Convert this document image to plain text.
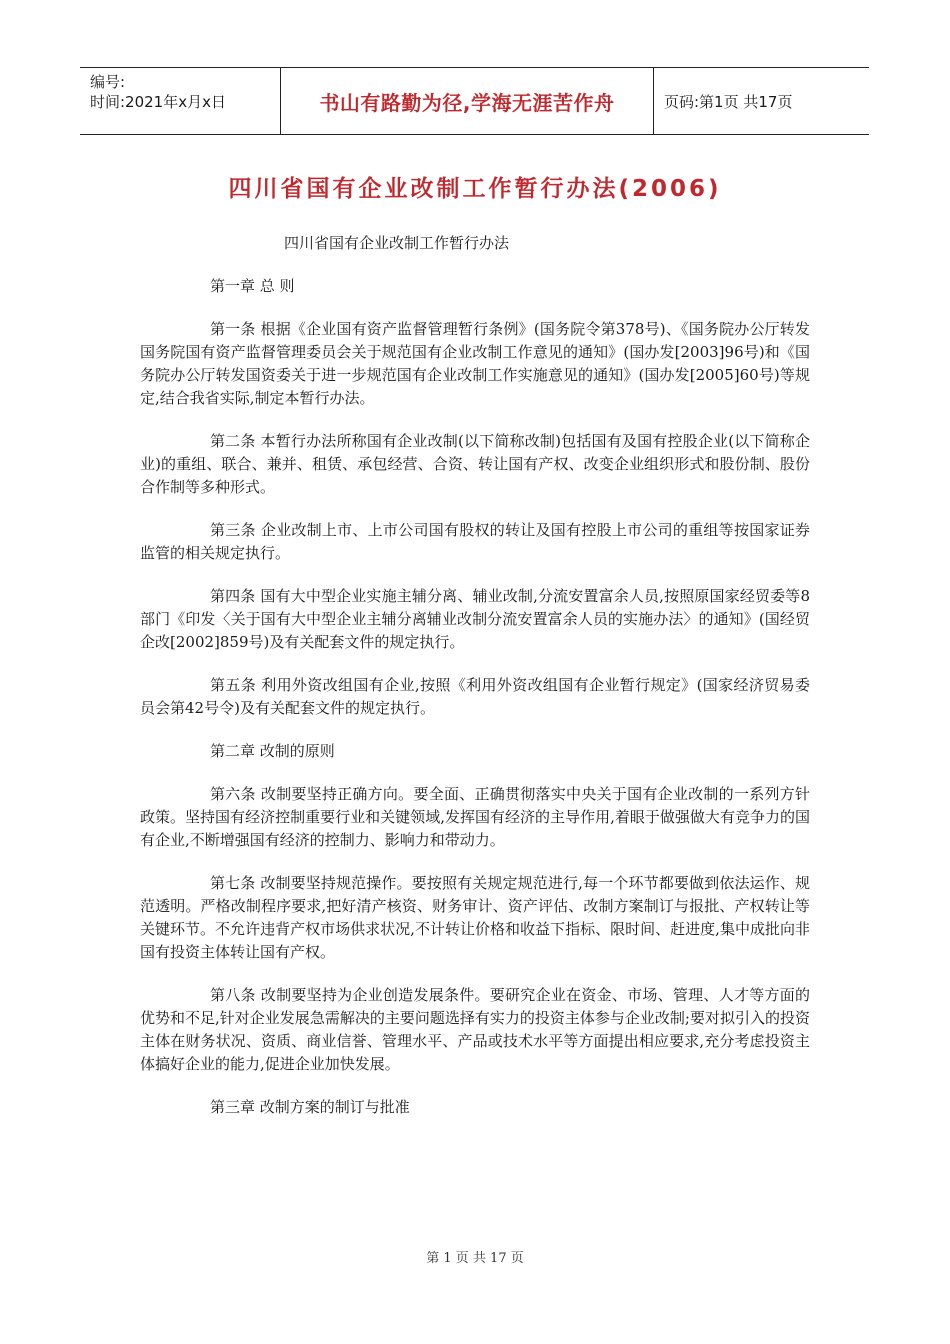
编号:
时间:2021年x月x日	书山有路勤为径,学海无涯苦作舟	页码:第1页 共17页
四川省国有企业改制工作暂行办法(2006)
四川省国有企业改制工作暂行办法
第一章 总 则
第一条 根据《企业国有资产监督管理暂行条例》(国务院令第378号)、《国务院办公厅转发国务院国有资产监督管理委员会关于规范国有企业改制工作意见的通知》(国办发[2003]96号)和《国务院办公厅转发国资委关于进一步规范国有企业改制工作实施意见的通知》(国办发[2005]60号)等规定,结合我省实际,制定本暂行办法。
第二条 本暂行办法所称国有企业改制(以下简称改制)包括国有及国有控股企业(以下简称企业)的重组、联合、兼并、租赁、承包经营、合资、转让国有产权、改变企业组织形式和股份制、股份合作制等多种形式。
第三条 企业改制上市、上市公司国有股权的转让及国有控股上市公司的重组等按国家证券监管的相关规定执行。
第四条 国有大中型企业实施主辅分离、辅业改制,分流安置富余人员,按照原国家经贸委等8部门《印发〈关于国有大中型企业主辅分离辅业改制分流安置富余人员的实施办法〉的通知》(国经贸企改[2002]859号)及有关配套文件的规定执行。
第五条 利用外资改组国有企业,按照《利用外资改组国有企业暂行规定》(国家经济贸易委员会第42号令)及有关配套文件的规定执行。
第二章 改制的原则
第六条 改制要坚持正确方向。要全面、正确贯彻落实中央关于国有企业改制的一系列方针政策。坚持国有经济控制重要行业和关键领域,发挥国有经济的主导作用,着眼于做强做大有竞争力的国有企业,不断增强国有经济的控制力、影响力和带动力。
第七条 改制要坚持规范操作。要按照有关规定规范进行,每一个环节都要做到依法运作、规范透明。严格改制程序要求,把好清产核资、财务审计、资产评估、改制方案制订与报批、产权转让等关键环节。不允许违背产权市场供求状况,不计转让价格和收益下指标、限时间、赶进度,集中成批向非国有投资主体转让国有产权。
第八条 改制要坚持为企业创造发展条件。要研究企业在资金、市场、管理、人才等方面的优势和不足,针对企业发展急需解决的主要问题选择有实力的投资主体参与企业改制;要对拟引入的投资主体在财务状况、资质、商业信誉、管理水平、产品或技术水平等方面提出相应要求,充分考虑投资主体搞好企业的能力,促进企业加快发展。
第三章 改制方案的制订与批准
第 1 页 共 17 页
